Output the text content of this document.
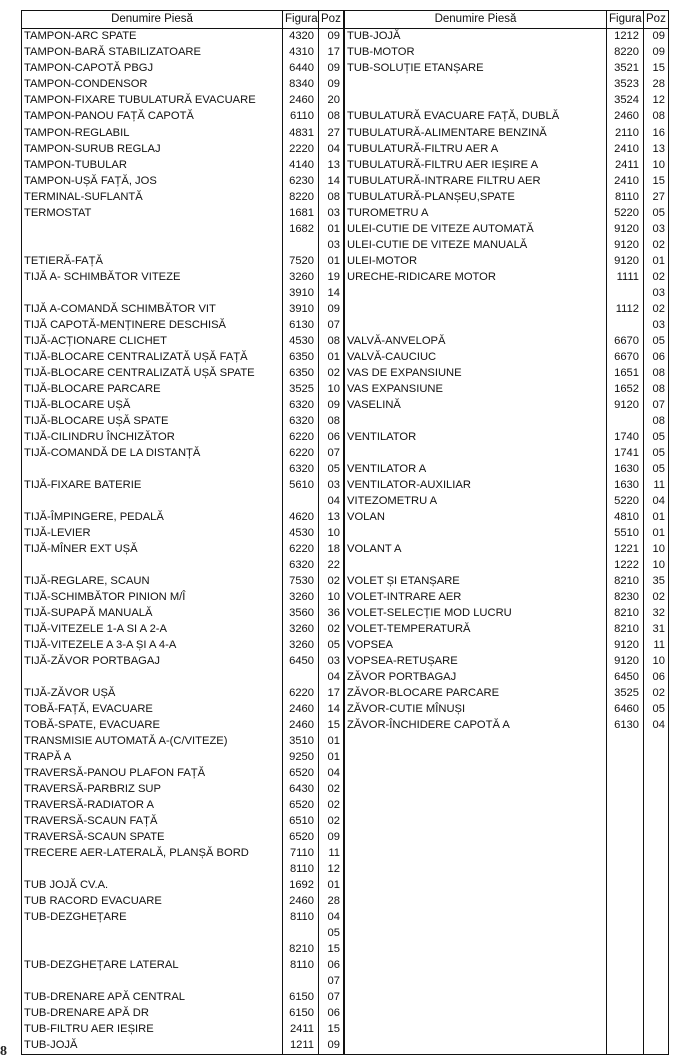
Denumire Piesă	Figura	Poz
TAMPON-ARC SPATE	4320	09
TAMPON-BARĂ STABILIZATOARE	4310	17
TAMPON-CAPOTĂ PBGJ	6440	09
TAMPON-CONDENSOR	8340	09
TAMPON-FIXARE TUBULATURĂ EVACUARE	2460	20
TAMPON-PANOU FAȚĂ CAPOTĂ	6110	08
TAMPON-REGLABIL	4831	27
TAMPON-SURUB REGLAJ	2220	04
TAMPON-TUBULAR	4140	13
TAMPON-UȘĂ FAȚĂ, JOS	6230	14
TERMINAL-SUFLANTĂ	8220	08
TERMOSTAT	1681	03
	1682	01
		03
TETIERĂ-FAȚĂ	7520	01
TIJĂ A- SCHIMBĂTOR VITEZE	3260	19
	3910	14
TIJĂ A-COMANDĂ SCHIMBĂTOR VIT	3910	09
TIJĂ CAPOTĂ-MENȚINERE DESCHISĂ	6130	07
TIJĂ-ACȚIONARE CLICHET	4530	08
TIJĂ-BLOCARE CENTRALIZATĂ UȘĂ FAȚĂ	6350	01
TIJĂ-BLOCARE CENTRALIZATĂ UȘĂ SPATE	6350	02
TIJĂ-BLOCARE PARCARE	3525	10
TIJĂ-BLOCARE UȘĂ	6320	09
TIJĂ-BLOCARE UȘĂ SPATE	6320	08
TIJĂ-CILINDRU ÎNCHIZĂTOR	6220	06
TIJĂ-COMANDĂ DE LA DISTANȚĂ	6220	07
	6320	05
TIJĂ-FIXARE BATERIE	5610	03
		04
TIJĂ-ÎMPINGERE, PEDALĂ	4620	13
TIJĂ-LEVIER	4530	10
TIJĂ-MÎNER EXT UȘĂ	6220	18
	6320	22
TIJĂ-REGLARE, SCAUN	7530	02
TIJĂ-SCHIMBĂTOR PINION M/Î	3260	10
TIJĂ-SUPAPĂ MANUALĂ	3560	36
TIJĂ-VITEZELE 1-A SI A 2-A	3260	02
TIJĂ-VITEZELE A 3-A ȘI A 4-A	3260	05
TIJĂ-ZĂVOR PORTBAGAJ	6450	03
		04
TIJĂ-ZĂVOR UȘĂ	6220	17
TOBĂ-FAȚĂ, EVACUARE	2460	14
TOBĂ-SPATE, EVACUARE	2460	15
TRANSMISIE AUTOMATĂ A-(C/VITEZE)	3510	01
TRAPĂ A	9250	01
TRAVERSĂ-PANOU PLAFON FAȚĂ	6520	04
TRAVERSĂ-PARBRIZ SUP	6430	02
TRAVERSĂ-RADIATOR A	6520	02
TRAVERSĂ-SCAUN FAȚĂ	6510	02
TRAVERSĂ-SCAUN SPATE	6520	09
TRECERE AER-LATERALĂ, PLANȘĂ BORD	7110	11
	8110	12
TUB JOJĂ CV.A.	1692	01
TUB RACORD EVACUARE	2460	28
TUB-DEZGHEȚARE	8110	04
		05
	8210	15
TUB-DEZGHEȚARE LATERAL	8110	06
		07
TUB-DRENARE APĂ CENTRAL	6150	07
TUB-DRENARE APĂ DR	6150	06
TUB-FILTRU AER IEȘIRE	2411	15
TUB-JOJĂ	1211	09
Denumire Piesă	Figura	Poz
TUB-JOJĂ	1212	09
TUB-MOTOR	8220	09
TUB-SOLUȚIE ETANȘARE	3521	15
	3523	28
	3524	12
TUBULATURĂ EVACUARE FAȚĂ, DUBLĂ	2460	08
TUBULATURĂ-ALIMENTARE BENZINĂ	2110	16
TUBULATURĂ-FILTRU AER A	2410	13
TUBULATURĂ-FILTRU AER IEȘIRE A	2411	10
TUBULATURĂ-INTRARE FILTRU AER	2410	15
TUBULATURĂ-PLANȘEU,SPATE	8110	27
TUROMETRU A	5220	05
ULEI-CUTIE DE VITEZE AUTOMATĂ	9120	03
ULEI-CUTIE DE VITEZE MANUALĂ	9120	02
ULEI-MOTOR	9120	01
URECHE-RIDICARE MOTOR	1111	02
		03
	1112	02
		03
VALVĂ-ANVELOPĂ	6670	05
VALVĂ-CAUCIUC	6670	06
VAS DE EXPANSIUNE	1651	08
VAS EXPANSIUNE	1652	08
VASELINĂ	9120	07
		08
VENTILATOR	1740	05
	1741	05
VENTILATOR A	1630	05
VENTILATOR-AUXILIAR	1630	11
VITEZOMETRU A	5220	04
VOLAN	4810	01
	5510	01
VOLANT A	1221	10
	1222	10
VOLET ȘI ETANȘARE	8210	35
VOLET-INTRARE AER	8230	02
VOLET-SELECȚIE MOD LUCRU	8210	32
VOLET-TEMPERATURĂ	8210	31
VOPSEA	9120	11
VOPSEA-RETUȘARE	9120	10
ZĂVOR PORTBAGAJ	6450	06
ZĂVOR-BLOCARE PARCARE	3525	02
ZĂVOR-CUTIE MÎNUȘI	6460	05
ZĂVOR-ÎNCHIDERE CAPOTĂ A	6130	04

8
